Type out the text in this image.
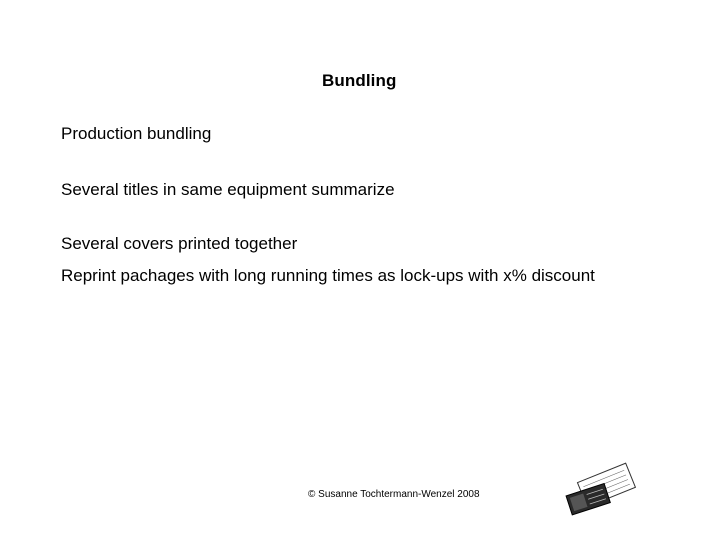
Bundling
Production bundling
Several titles in same equipment summarize
Several covers printed together
Reprint pachages with long running times as lock-ups with x% discount
© Susanne Tochtermann-Wenzel 2008
